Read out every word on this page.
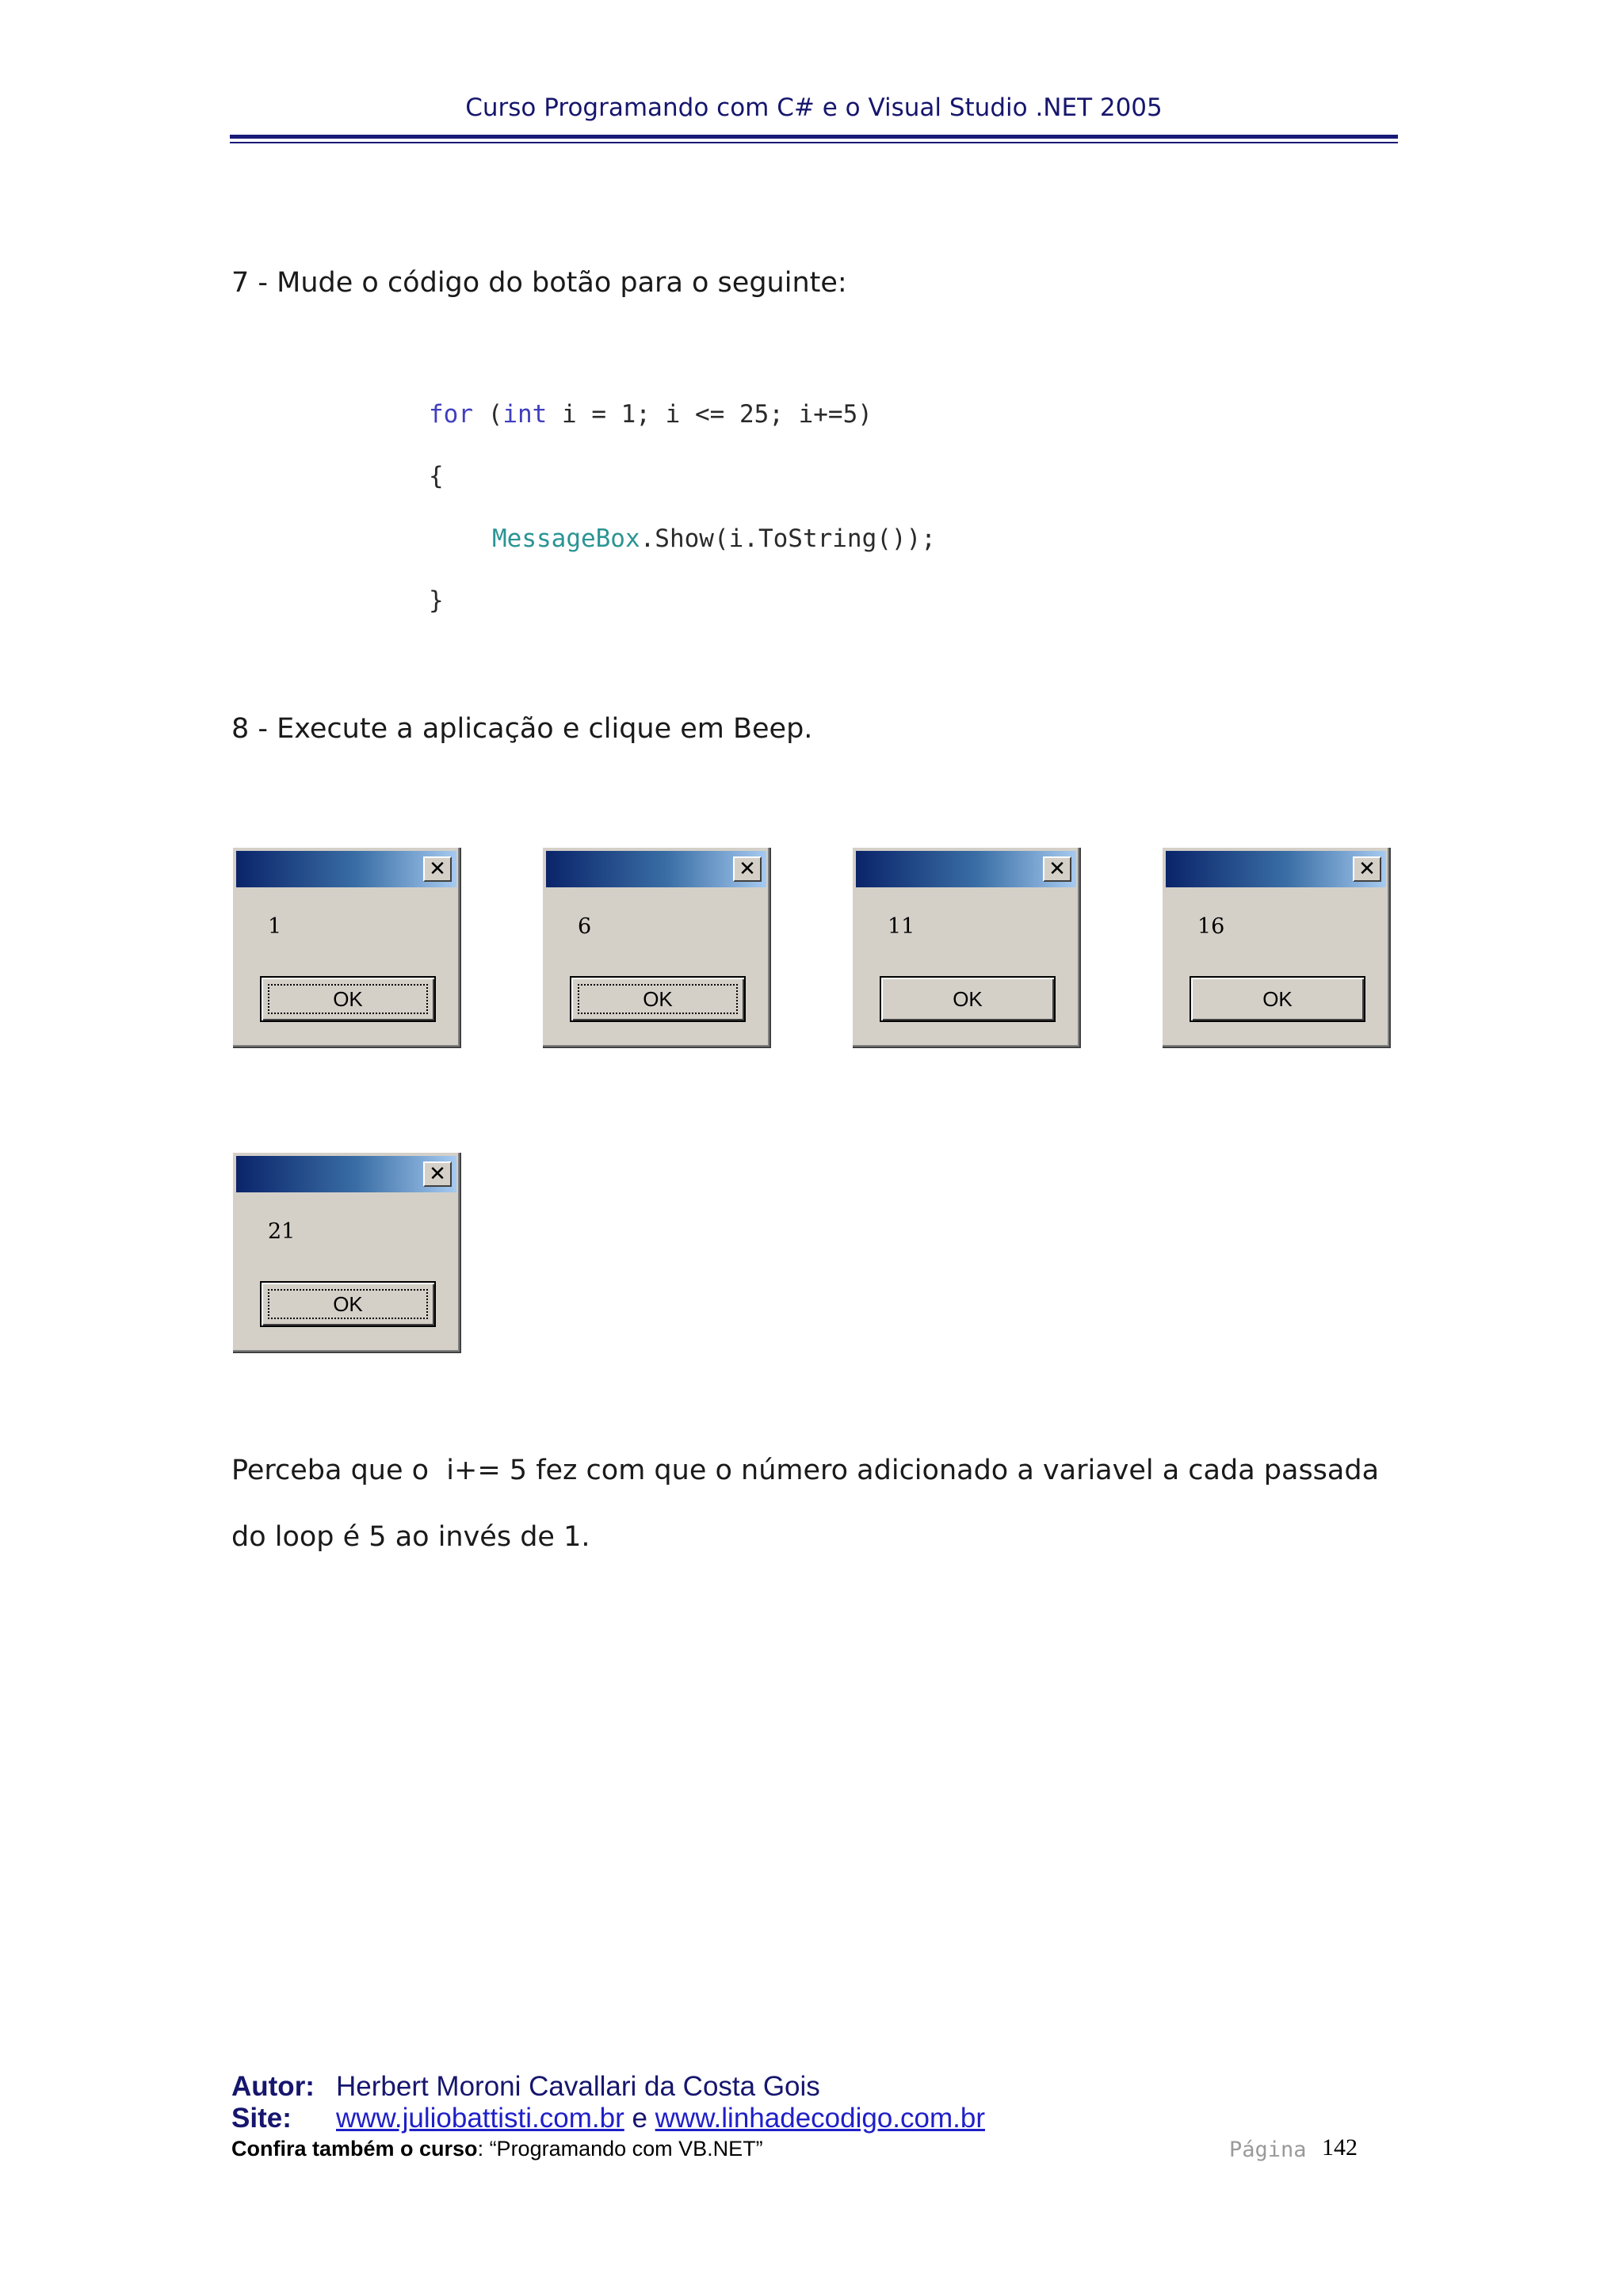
Curso Programando com C# e o Visual Studio .NET 2005
7 - Mude o código do botão para o seguinte:
for (int i = 1; i <= 25; i+=5)
{
MessageBox.Show(i.ToString());
}
8 - Execute a aplicação e clique em Beep.
✕
1
OK
✕
6
OK
✕
11
OK
✕
16
OK
✕
21
OK
Perceba que o  i+= 5 fez com que o número adicionado a variavel a cada passada
do loop é 5 ao invés de 1.
Autor: Herbert Moroni Cavallari da Costa Gois
Site: www.juliobattisti.com.br e www.linhadecodigo.com.br
Confira também o curso: “Programando com VB.NET”	Página 142
